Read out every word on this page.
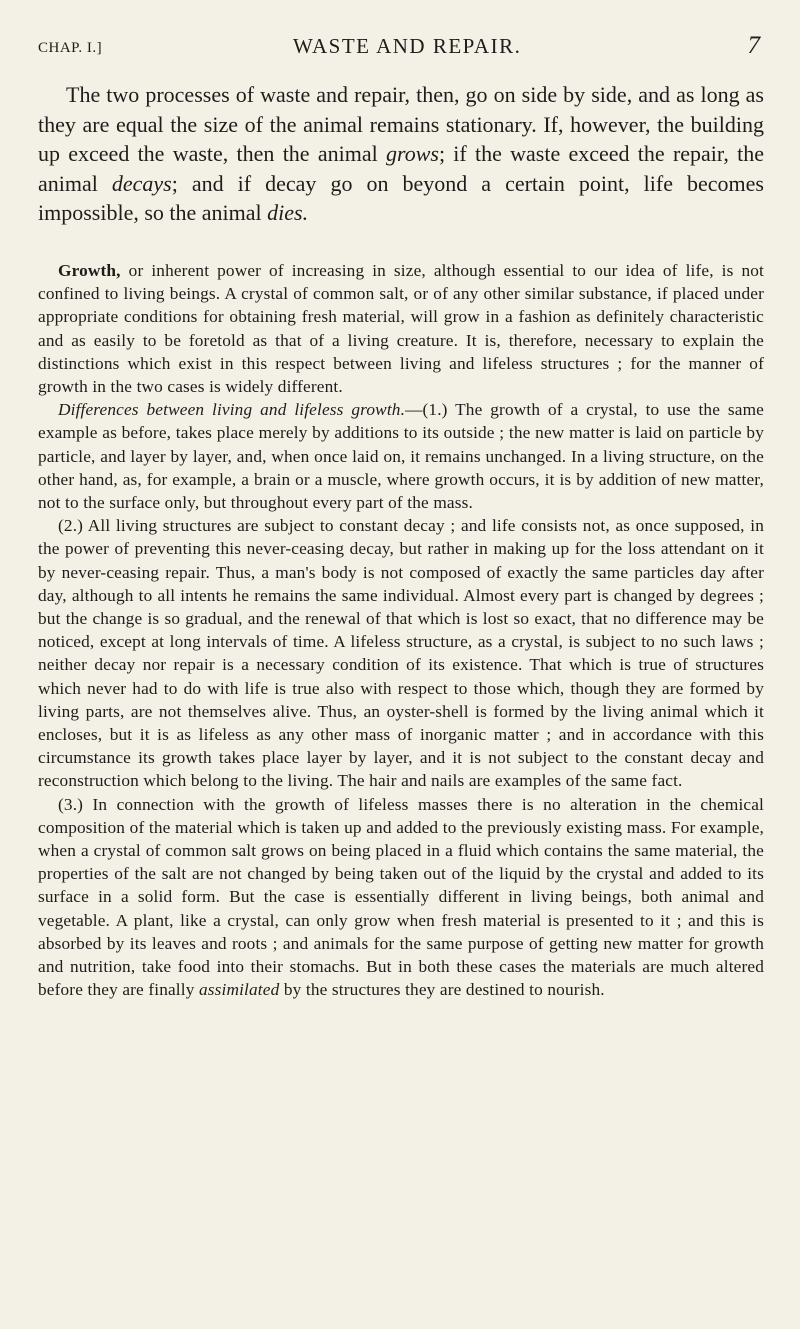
CHAP. I.]	WASTE AND REPAIR.	7

The two processes of waste and repair, then, go on side by side, and as long as they are equal the size of the animal remains stationary. If, however, the building up exceed the waste, then the animal grows; if the waste exceed the repair, the animal decays; and if decay go on beyond a certain point, life becomes impossible, so the animal dies.

Growth, or inherent power of increasing in size, although essential to our idea of life, is not confined to living beings. A crystal of common salt, or of any other similar substance, if placed under appropriate conditions for obtaining fresh material, will grow in a fashion as definitely characteristic and as easily to be foretold as that of a living creature. It is, therefore, necessary to explain the distinctions which exist in this respect between living and lifeless structures ; for the manner of growth in the two cases is widely different.

Differences between living and lifeless growth.—(1.) The growth of a crystal, to use the same example as before, takes place merely by additions to its outside ; the new matter is laid on particle by particle, and layer by layer, and, when once laid on, it remains unchanged. In a living structure, on the other hand, as, for example, a brain or a muscle, where growth occurs, it is by addition of new matter, not to the surface only, but throughout every part of the mass.

(2.) All living structures are subject to constant decay ; and life consists not, as once supposed, in the power of preventing this never-ceasing decay, but rather in making up for the loss attendant on it by never-ceasing repair. Thus, a man's body is not composed of exactly the same particles day after day, although to all intents he remains the same individual. Almost every part is changed by degrees ; but the change is so gradual, and the renewal of that which is lost so exact, that no difference may be noticed, except at long intervals of time. A lifeless structure, as a crystal, is subject to no such laws ; neither decay nor repair is a necessary condition of its existence. That which is true of structures which never had to do with life is true also with respect to those which, though they are formed by living parts, are not themselves alive. Thus, an oyster-shell is formed by the living animal which it encloses, but it is as lifeless as any other mass of inorganic matter ; and in accordance with this circumstance its growth takes place layer by layer, and it is not subject to the constant decay and reconstruction which belong to the living. The hair and nails are examples of the same fact.

(3.) In connection with the growth of lifeless masses there is no alteration in the chemical composition of the material which is taken up and added to the previously existing mass. For example, when a crystal of common salt grows on being placed in a fluid which contains the same material, the properties of the salt are not changed by being taken out of the liquid by the crystal and added to its surface in a solid form. But the case is essentially different in living beings, both animal and vegetable. A plant, like a crystal, can only grow when fresh material is presented to it ; and this is absorbed by its leaves and roots ; and animals for the same purpose of getting new matter for growth and nutrition, take food into their stomachs. But in both these cases the materials are much altered before they are finally assimilated by the structures they are destined to nourish.
